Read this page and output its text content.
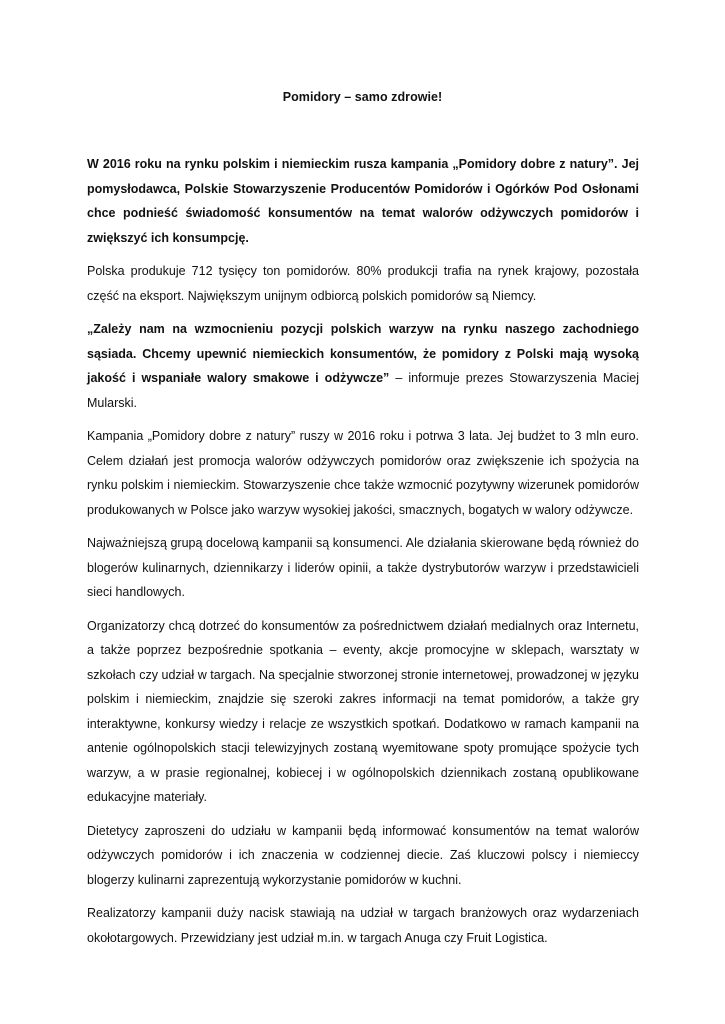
Pomidory – samo zdrowie!

W 2016 roku na rynku polskim i niemieckim rusza kampania „Pomidory dobre z natury”. Jej pomysłodawca, Polskie Stowarzyszenie Producentów Pomidorów i Ogórków Pod Osłonami chce podnieść świadomość konsumentów na temat walorów odżywczych pomidorów i zwiększyć ich konsumpcję.

Polska produkuje 712 tysięcy ton pomidorów. 80% produkcji trafia na rynek krajowy, pozostała część na eksport. Największym unijnym odbiorcą polskich pomidorów są Niemcy.

„Zależy nam na wzmocnieniu pozycji polskich warzyw na rynku naszego zachodniego sąsiada. Chcemy upewnić niemieckich konsumentów, że pomidory z Polski mają wysoką jakość i wspaniałe walory smakowe i odżywcze” – informuje prezes Stowarzyszenia Maciej Mularski.

Kampania „Pomidory dobre z natury” ruszy w 2016 roku i potrwa 3 lata. Jej budżet to 3 mln euro. Celem działań jest promocja walorów odżywczych pomidorów oraz zwiększenie ich spożycia na rynku polskim i niemieckim. Stowarzyszenie chce także wzmocnić pozytywny wizerunek pomidorów produkowanych w Polsce jako warzyw wysokiej jakości, smacznych, bogatych w walory odżywcze.

Najważniejszą grupą docelową kampanii są konsumenci. Ale działania skierowane będą również do blogerów kulinarnych, dziennikarzy i liderów opinii, a także dystrybutorów warzyw i przedstawicieli sieci handlowych.

Organizatorzy chcą dotrzeć do konsumentów za pośrednictwem działań medialnych oraz Internetu, a także poprzez bezpośrednie spotkania – eventy, akcje promocyjne w sklepach, warsztaty w szkołach czy udział w targach. Na specjalnie stworzonej stronie internetowej, prowadzonej w języku polskim i niemieckim, znajdzie się szeroki zakres informacji na temat pomidorów, a także gry interaktywne, konkursy wiedzy i relacje ze wszystkich spotkań. Dodatkowo w ramach kampanii na antenie ogólnopolskich stacji telewizyjnych zostaną wyemitowane spoty promujące spożycie tych warzyw, a w prasie regionalnej, kobiecej i w ogólnopolskich dziennikach zostaną opublikowane edukacyjne materiały.

Dietetycy zaproszeni do udziału w kampanii będą informować konsumentów na temat walorów odżywczych pomidorów i ich znaczenia w codziennej diecie. Zaś kluczowi polscy i niemieccy blogerzy kulinarni zaprezentują wykorzystanie pomidorów w kuchni.

Realizatorzy kampanii duży nacisk stawiają na udział w targach branżowych oraz wydarzeniach okołotargowych. Przewidziany jest udział m.in. w targach Anuga czy Fruit Logistica.
